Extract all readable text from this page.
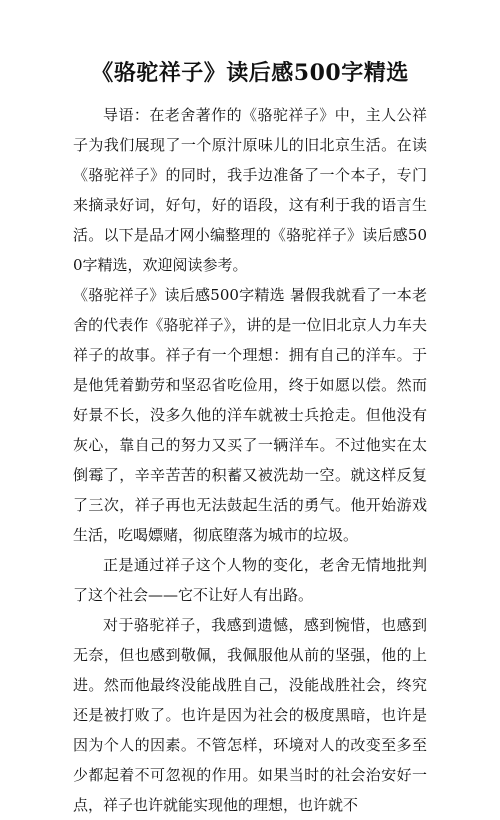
《骆驼祥子》读后感500字精选

导语：在老舍著作的《骆驼祥子》中，主人公祥子为我们展现了一个原汁原味儿的旧北京生活。在读《骆驼祥子》的同时，我手边准备了一个本子，专门来摘录好词，好句，好的语段，这有利于我的语言生活。以下是品才网小编整理的《骆驼祥子》读后感500字精选，欢迎阅读参考。

《骆驼祥子》读后感500字精选 暑假我就看了一本老舍的代表作《骆驼祥子》，讲的是一位旧北京人力车夫祥子的故事。祥子有一个理想：拥有自己的洋车。于是他凭着勤劳和坚忍省吃俭用，终于如愿以偿。然而好景不长，没多久他的洋车就被士兵抢走。但他没有灰心，靠自己的努力又买了一辆洋车。不过他实在太倒霉了，辛辛苦苦的积蓄又被洗劫一空。就这样反复了三次，祥子再也无法鼓起生活的勇气。他开始游戏生活，吃喝嫖赌，彻底堕落为城市的垃圾。

正是通过祥子这个人物的变化，老舍无情地批判了这个社会——它不让好人有出路。

对于骆驼祥子，我感到遗憾，感到惋惜，也感到无奈，但也感到敬佩，我佩服他从前的坚强，他的上进。然而他最终没能战胜自己，没能战胜社会，终究还是被打败了。也许是因为社会的极度黑暗，也许是因为个人的因素。不管怎样，环境对人的改变至多至少都起着不可忽视的作用。如果当时的社会治安好一点，祥子也许就能实现他的理想，也许就不
